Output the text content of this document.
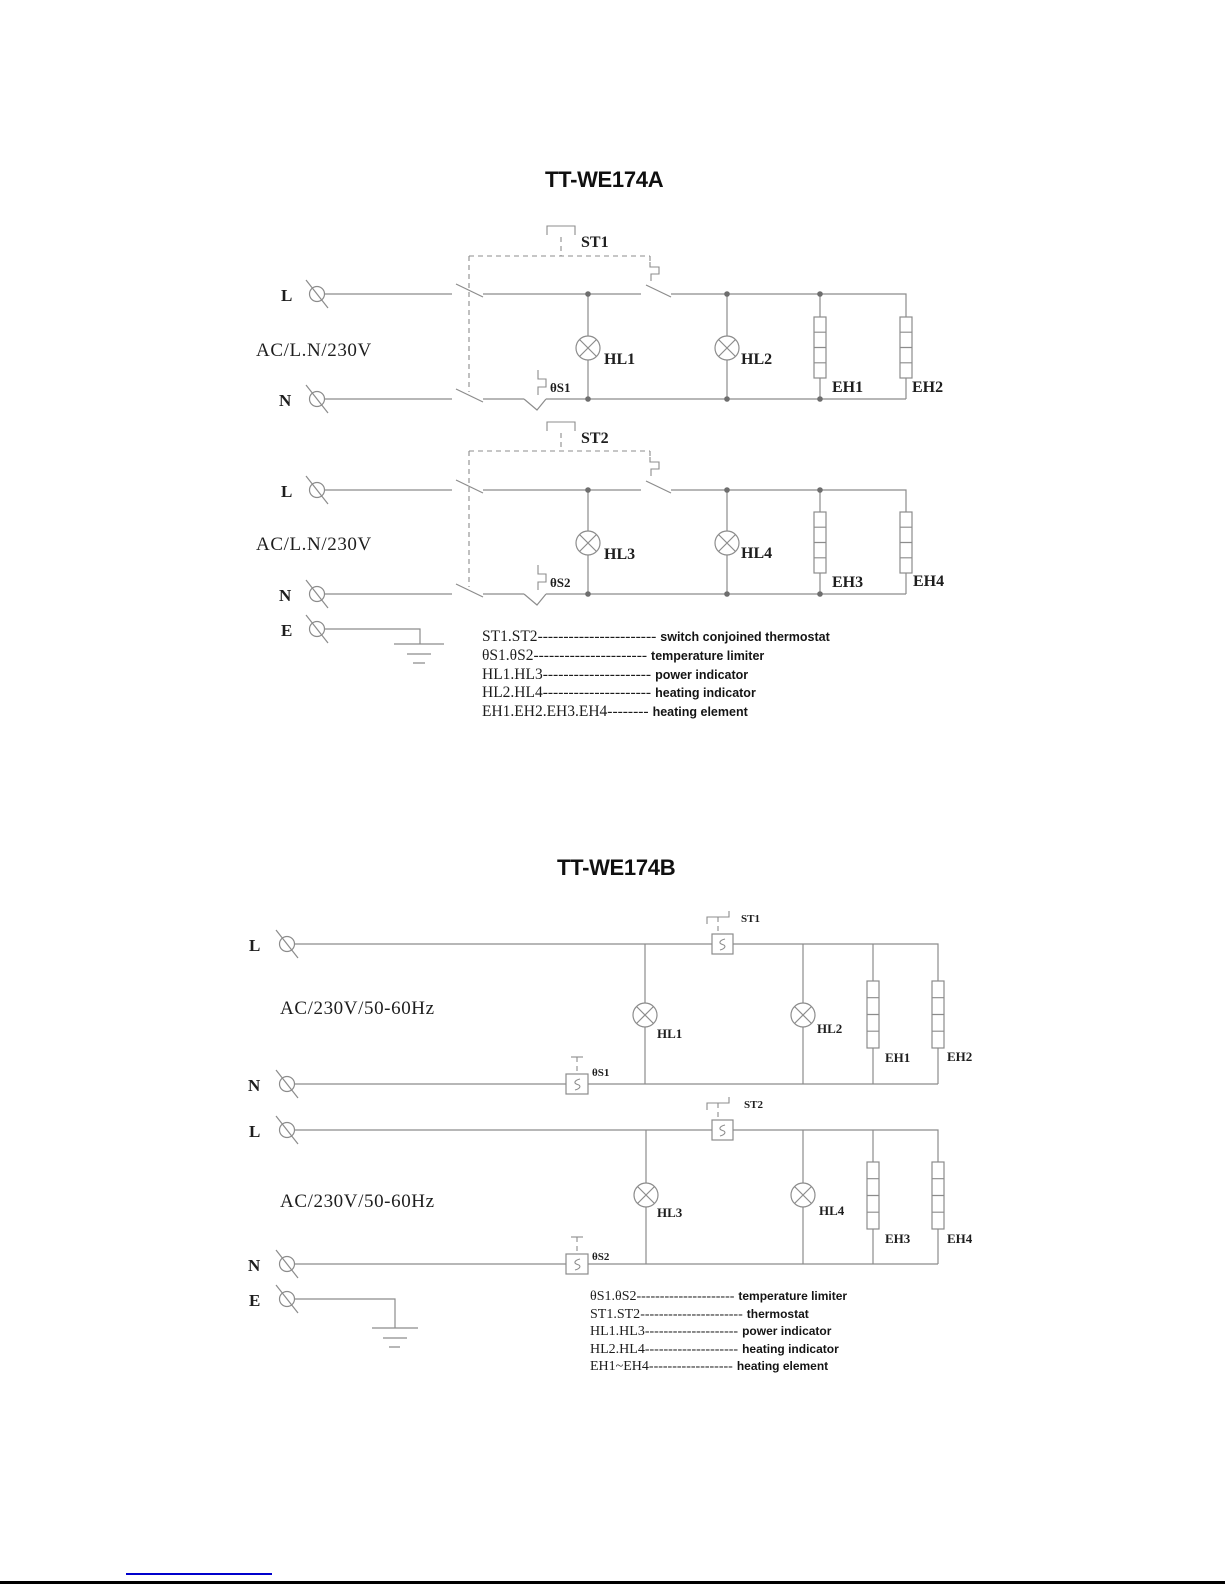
TT-WE174A
ST1
θS1
HL1	HL2
EH1	EH2
ST2
θS2
HL3	HL4
EH3	EH4
L
AC/L.N/230V
N
L
AC/L.N/230V
N
E
TT-WE174B
ST1
θS1
HL1	HL2
EH1	EH2
ST2
θS2
HL3	HL4
EH3	EH4
L
AC/230V/50-60Hz
N
L
AC/230V/50-60Hz
N
E
ST1.ST2----------------------- switch conjoined thermostat
θS1.θS2---------------------- temperature limiter
HL1.HL3--------------------- power indicator
HL2.HL4--------------------- heating indicator
EH1.EH2.EH3.EH4-------- heating element
θS1.θS2--------------------- temperature limiter
ST1.ST2---------------------- thermostat
HL1.HL3-------------------- power indicator
HL2.HL4-------------------- heating indicator
EH1~EH4------------------ heating element
